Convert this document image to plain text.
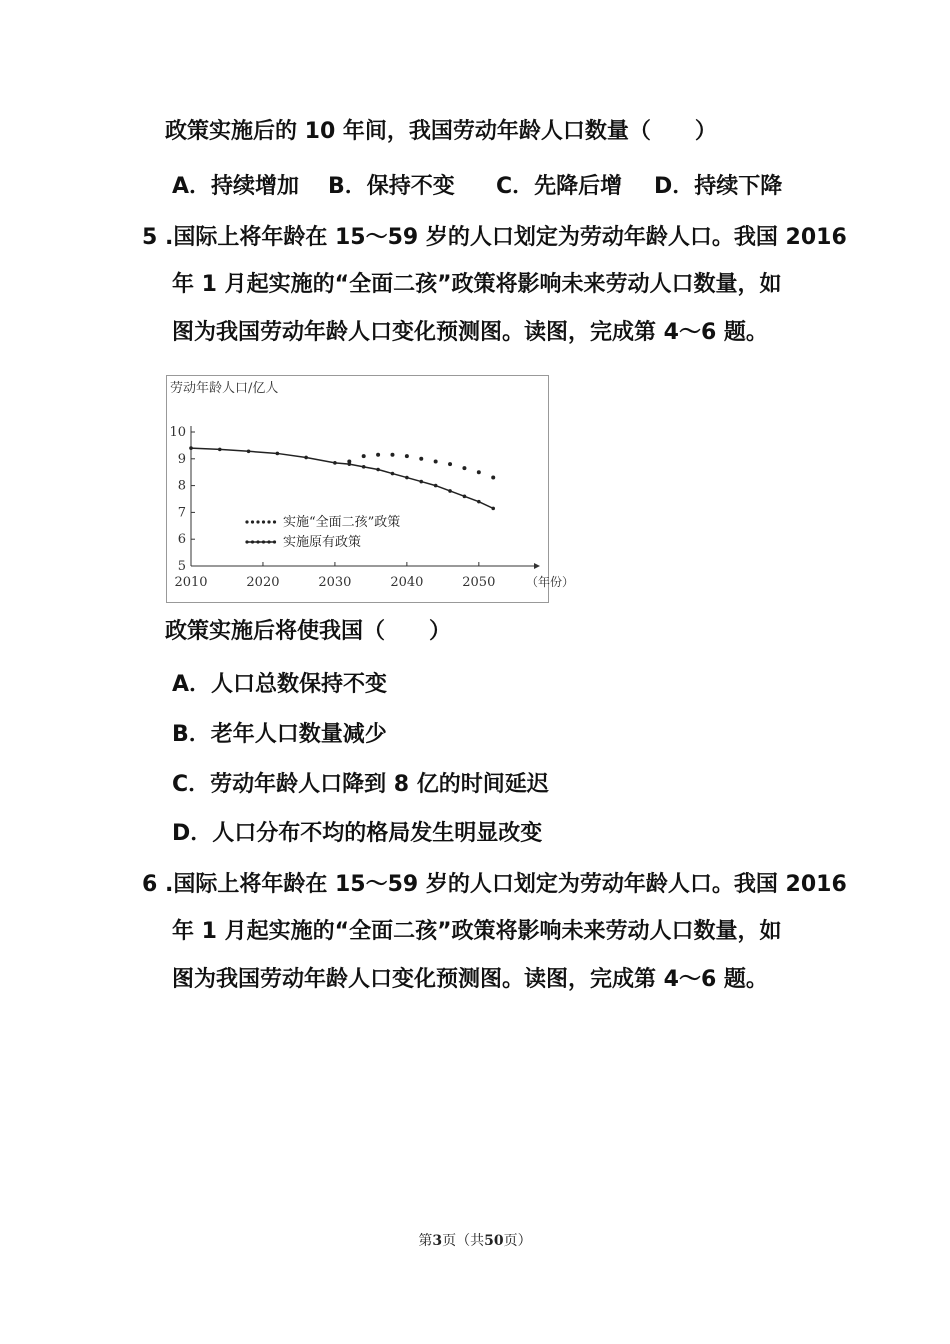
政策实施后的 10 年间，我国劳动年龄人口数量（　　）
A．持续增加 B．保持不变 C．先降后增 D．持续下降
5 .国际上将年龄在 15～59 岁的人口划定为劳动年龄人口。我国 2016
年 1 月起实施的“全面二孩”政策将影响未来劳动人口数量，如
图为我国劳动年龄人口变化预测图。读图，完成第 4～6 题。
劳动年龄人口/亿人
5
6
7
8
9
10
2010	2020	2030	2040	2050	（年份）
实施“全面二孩”政策
实施原有政策
政策实施后将使我国（　　）
A．人口总数保持不变
B．老年人口数量减少
C．劳动年龄人口降到 8 亿的时间延迟
D．人口分布不均的格局发生明显改变
6 .国际上将年龄在 15～59 岁的人口划定为劳动年龄人口。我国 2016
年 1 月起实施的“全面二孩”政策将影响未来劳动人口数量，如
图为我国劳动年龄人口变化预测图。读图，完成第 4～6 题。
第3页（共50页）
